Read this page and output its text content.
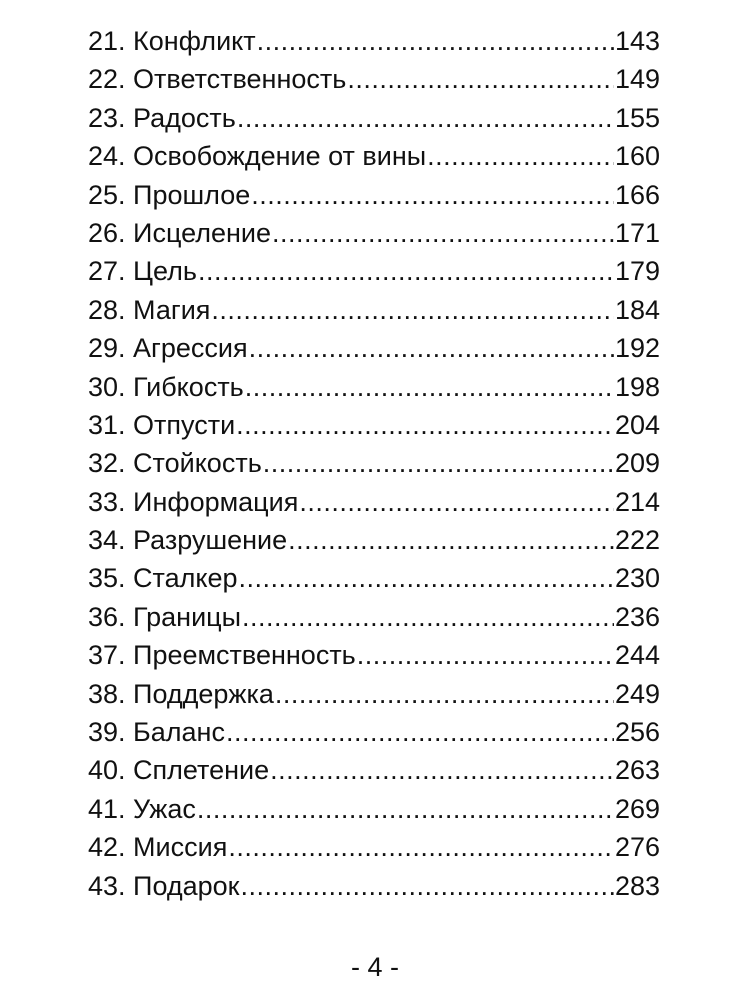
21. Конфликт .....	143
22. Ответственность .....	149
23. Радость .....	155
24. Освобождение от вины .....	160
25. Прошлое .....	166
26. Исцеление .....	171
27. Цель .....	179
28. Магия .....	184
29. Агрессия .....	192
30. Гибкость .....	198
31. Отпусти .....	204
32. Стойкость .....	209
33. Информация .....	214
34. Разрушение .....	222
35. Сталкер .....	230
36. Границы .....	236
37. Преемственность .....	244
38. Поддержка .....	249
39. Баланс .....	256
40. Сплетение .....	263
41. Ужас .....	269
42. Миссия .....	276
43. Подарок .....	283
- 4 -
